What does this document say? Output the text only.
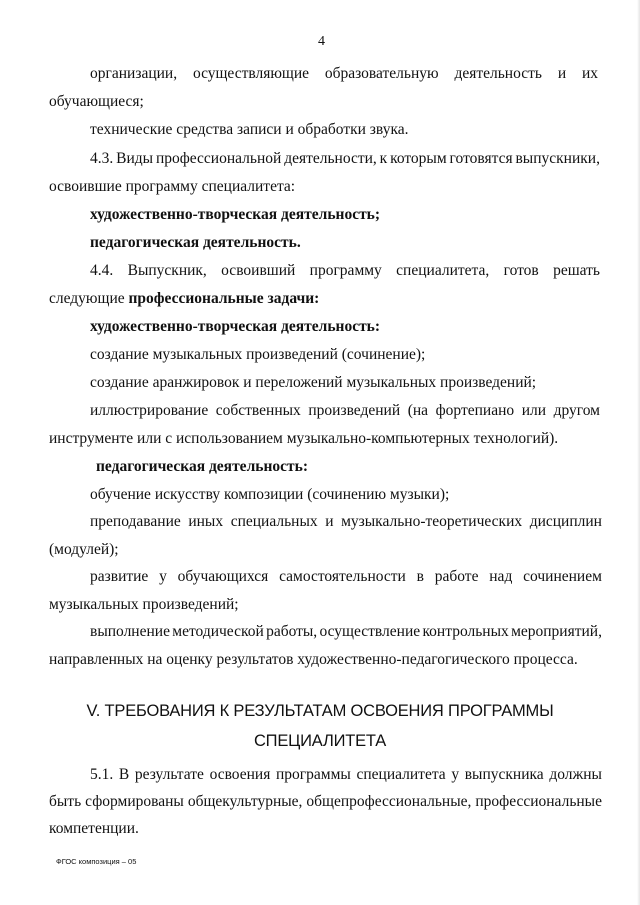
4
организации, осуществляющие образовательную деятельность и их
обучающиеся;
технические средства записи и обработки звука.
4.3. Виды профессиональной деятельности, к которым готовятся выпускники,
освоившие программу специалитета:
художественно-творческая деятельность;
педагогическая деятельность.
4.4. Выпускник, освоивший программу специалитета, готов решать
следующие профессиональные задачи:
художественно-творческая деятельность:
создание музыкальных произведений (сочинение);
создание аранжировок и переложений музыкальных произведений;
иллюстрирование собственных произведений (на фортепиано или другом
инструменте или с использованием музыкально-компьютерных технологий).
педагогическая деятельность:
обучение искусству композиции (сочинению музыки);
преподавание иных специальных и музыкально-теоретических дисциплин
(модулей);
развитие у обучающихся самостоятельности в работе над сочинением
музыкальных произведений;
выполнение методической работы, осуществление контрольных мероприятий,
направленных на оценку результатов художественно-педагогического процесса.
V. ТРЕБОВАНИЯ К РЕЗУЛЬТАТАМ ОСВОЕНИЯ ПРОГРАММЫ
СПЕЦИАЛИТЕТА
5.1. В результате освоения программы специалитета у выпускника должны
быть сформированы общекультурные, общепрофессиональные, профессиональные
компетенции.
ФГОС композиция – 05
